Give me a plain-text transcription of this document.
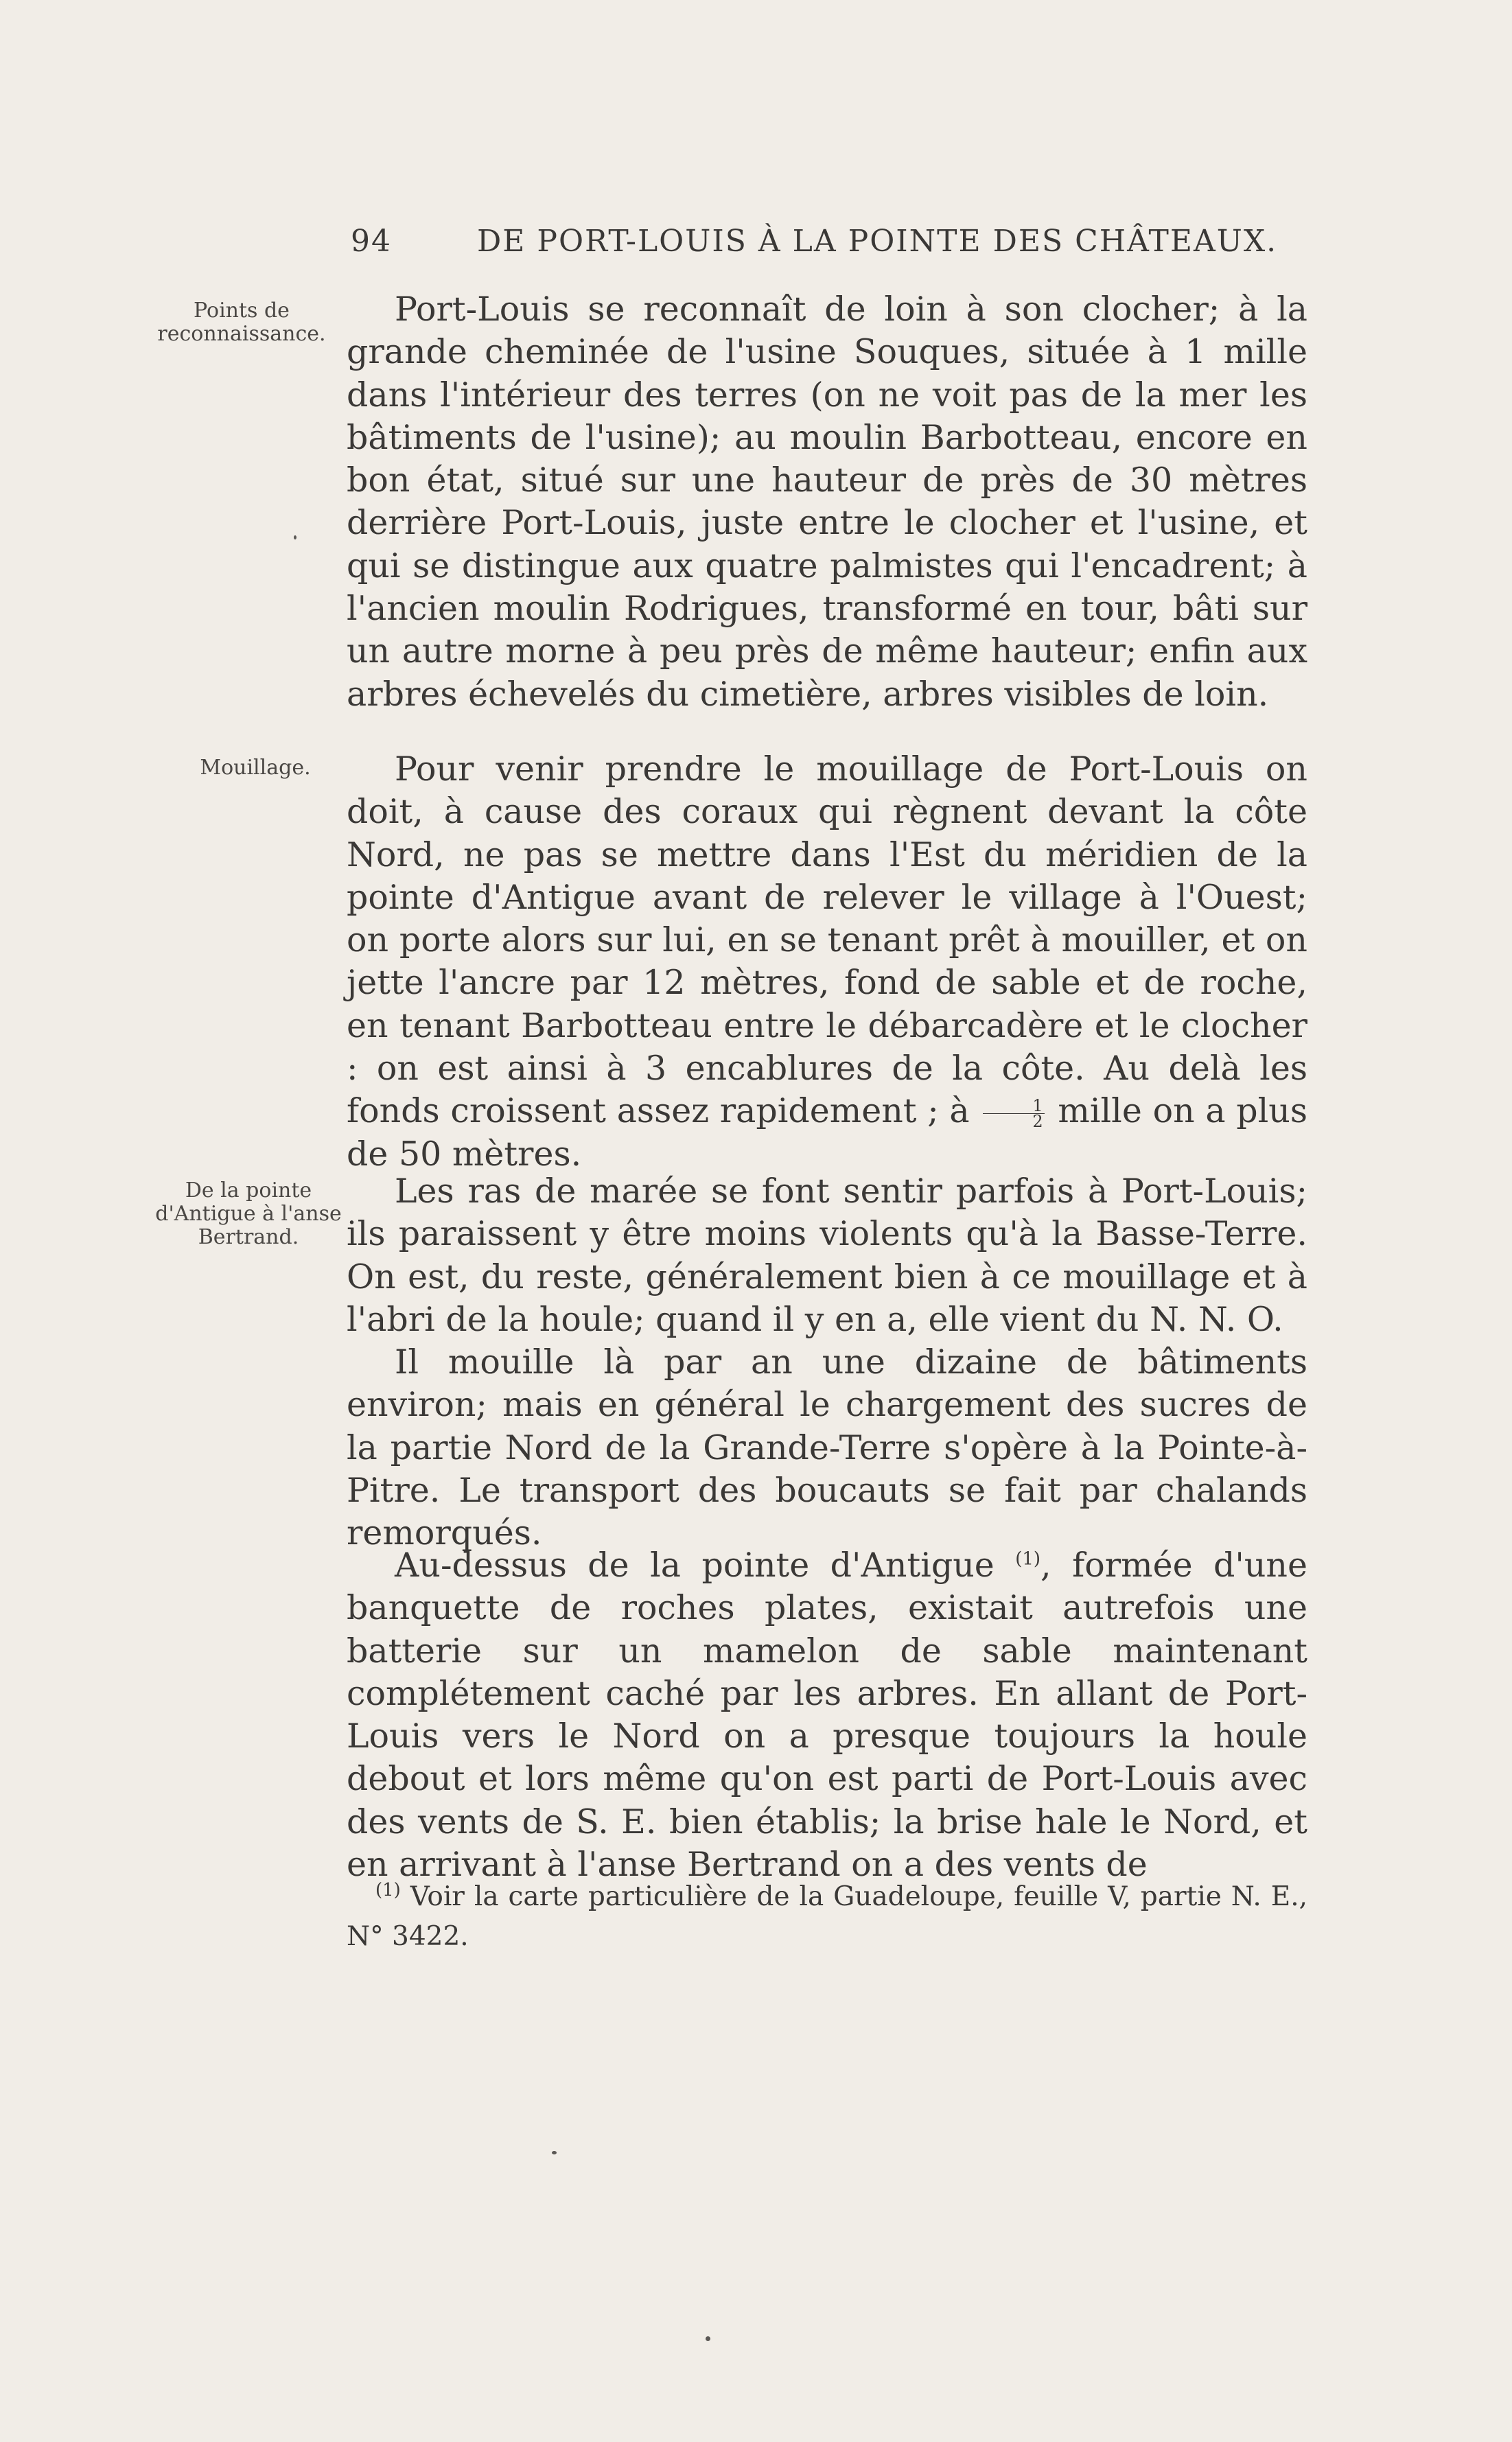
94	DE PORT-LOUIS À LA POINTE DES CHÂTEAUX.
Points de reconnaissance.
Mouillage.
De la pointe d'Antigue à l'anse Bertrand.

Port-Louis se reconnaît de loin à son clocher; à la grande cheminée de l'usine Souques, située à 1 mille dans l'intérieur des terres (on ne voit pas de la mer les bâtiments de l'usine); au moulin Barbotteau, encore en bon état, situé sur une hauteur de près de 30 mètres derrière Port-Louis, juste entre le clocher et l'usine, et qui se distingue aux quatre palmistes qui l'encadrent; à l'ancien moulin Rodrigues, transformé en tour, bâti sur un autre morne à peu près de même hauteur; enfin aux arbres échevelés du cimetière, arbres visibles de loin.

Pour venir prendre le mouillage de Port-Louis on doit, à cause des coraux qui règnent devant la côte Nord, ne pas se mettre dans l'Est du méridien de la pointe d'Antigue avant de relever le village à l'Ouest; on porte alors sur lui, en se tenant prêt à mouiller, et on jette l'ancre par 12 mètres, fond de sable et de roche, en tenant Barbotteau entre le débarcadère et le clocher : on est ainsi à 3 encablures de la côte. Au delà les fonds croissent assez rapidement ; à $\frac{1}{2}$ mille on a plus de 50 mètres.

Les ras de marée se font sentir parfois à Port-Louis; ils paraissent y être moins violents qu'à la Basse-Terre. On est, du reste, généralement bien à ce mouillage et à l'abri de la houle; quand il y en a, elle vient du N. N. O.

Il mouille là par an une dizaine de bâtiments environ; mais en général le chargement des sucres de la partie Nord de la Grande-Terre s'opère à la Pointe-à-Pitre. Le transport des boucauts se fait par chalands remorqués.

Au-dessus de la pointe d'Antigue $^{(1)}$, formée d'une banquette de roches plates, existait autrefois une batterie sur un mamelon de sable maintenant complétement caché par les arbres. En allant de Port-Louis vers le Nord on a presque toujours la houle debout et lors même qu'on est parti de Port-Louis avec des vents de S. E. bien établis; la brise hale le Nord, et en arrivant à l'anse Bertrand on a des vents de

$^{(1)}$ Voir la carte particulière de la Guadeloupe, feuille V, partie N. E., N° 3422.
